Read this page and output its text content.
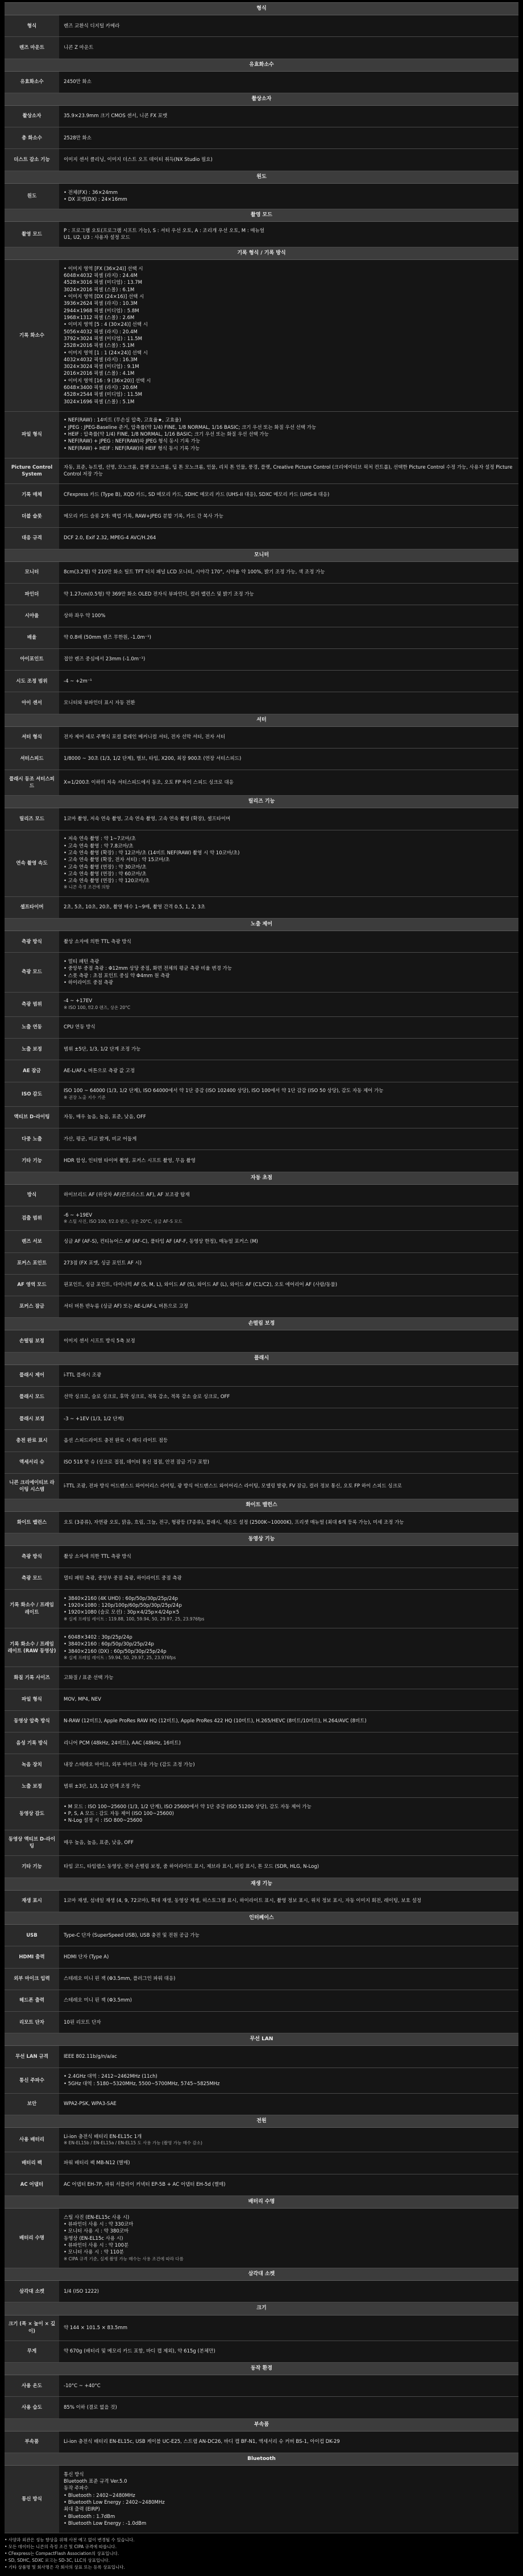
형식
형식	렌즈 교환식 디지털 카메라
렌즈 마운트	니콘 Z 마운트
유효화소수
유효화소수	2450만 화소
촬상소자
촬상소자	35.9×23.9mm 크기 CMOS 센서, 니콘 FX 포맷
총 화소수	2528만 화소
더스트 감소 기능	이미지 센서 클리닝, 이미지 더스트 오프 데이터 취득(NX Studio 필요)
원도
원도
• 전체(FX) : 36×24mm
• DX 포맷(DX) : 24×16mm
촬영 모드
촬영 모드
P : 프로그램 오토(프로그램 시프트 가능), S : 셔터 우선 오토, A : 조리개 우선 오토, M : 매뉴얼
U1, U2, U3 : 사용자 설정 모드
기록 형식 / 기록 방식
기록 화소수
• 이미지 영역 [FX (36×24)] 선택 시
6048×4032 픽셀 (라지) : 24.4M
4528×3016 픽셀 (미디엄) : 13.7M
3024×2016 픽셀 (스몰) : 6.1M
• 이미지 영역 [DX (24×16)] 선택 시
3936×2624 픽셀 (라지) : 10.3M
2944×1968 픽셀 (미디엄) : 5.8M
1968×1312 픽셀 (스몰) : 2.6M
• 이미지 영역 [5 : 4 (30×24)] 선택 시
5056×4032 픽셀 (라지) : 20.4M
3792×3024 픽셀 (미디엄) : 11.5M
2528×2016 픽셀 (스몰) : 5.1M
• 이미지 영역 [1 : 1 (24×24)] 선택 시
4032×4032 픽셀 (라지) : 16.3M
3024×3024 픽셀 (미디엄) : 9.1M
2016×2016 픽셀 (스몰) : 4.1M
• 이미지 영역 [16 : 9 (36×20)] 선택 시
6048×3400 픽셀 (라지) : 20.6M
4528×2544 픽셀 (미디엄) : 11.5M
3024×1696 픽셀 (스몰) : 5.1M
파일 형식
• NEF(RAW) : 14비트 (무손실 압축, 고효율★, 고효율)
• JPEG : JPEG-Baseline 준거, 압축률(약 1/4) FINE, 1/8 NORMAL, 1/16 BASIC; 크기 우선 또는 화질 우선 선택 가능
• HEIF : 압축률(약 1/4) FINE, 1/8 NORMAL, 1/16 BASIC; 크기 우선 또는 화질 우선 선택 가능
• NEF(RAW) + JPEG : NEF(RAW)와 JPEG 형식 동시 기록 가능
• NEF(RAW) + HEIF : NEF(RAW)와 HEIF 형식 동시 기록 가능
Picture Control System
자동, 표준, 뉴트럴, 선명, 모노크롬, 플랫 모노크롬, 딥 톤 모노크롬, 인물, 리치 톤 인물, 풍경, 플랫, Creative Picture Control (크리에이티브 픽처 컨트롤), 선택한 Picture Control 수정 가능, 사용자 설정 Picture Control 저장 가능
기록 매체	CFexpress 카드 (Type B), XQD 카드, SD 메모리 카드, SDHC 메모리 카드 (UHS-II 대응), SDXC 메모리 카드 (UHS-II 대응)
더블 슬롯	메모리 카드 슬롯 2개: 백업 기록, RAW+JPEG 분할 기록, 카드 간 복사 가능
대응 규격	DCF 2.0, Exif 2.32, MPEG-4 AVC/H.264
모니터
모니터	8cm(3.2형) 약 210만 화소 틸트 TFT 터치 패널 LCD 모니터, 시야각 170°, 시야율 약 100%, 밝기 조정 가능, 색 조정 가능
파인더	약 1.27cm(0.5형) 약 369만 화소 OLED 전자식 뷰파인더, 컬러 밸런스 및 밝기 조정 가능
시야율	상하 좌우 약 100%
배율	약 0.8배 (50mm 렌즈 무한원, -1.0m⁻¹)
아이포인트	접안 렌즈 중심에서 23mm (-1.0m⁻¹)
시도 조정 범위	-4 ~ +2m⁻¹
아이 센서	모니터와 뷰파인더 표시 자동 전환
셔터
셔터 형식	전자 제어 세로 주행식 포컬 플레인 메커니컬 셔터, 전자 선막 셔터, 전자 셔터
셔터스피드	1/8000 ~ 30초 (1/3, 1/2 단계), 벌브, 타임, X200, 최장 900초 (연장 셔터스피드)
플래시 동조 셔터스피드
X=1/200초 이하의 저속 셔터스피드에서 동조, 오토 FP 하이 스피드 싱크로 대응
릴리즈 기능
릴리즈 모드	1코마 촬영, 저속 연속 촬영, 고속 연속 촬영, 고속 연속 촬영 (확장), 셀프타이머
연속 촬영 속도
• 저속 연속 촬영 : 약 1~7코마/초
• 고속 연속 촬영 : 약 7.8코마/초
• 고속 연속 촬영 (확장) : 약 12코마/초 (14비트 NEF(RAW) 촬영 시 약 10코마/초)
• 고속 연속 촬영 (확장, 전자 셔터) : 약 15코마/초
• 고속 연속 촬영 (연장) : 약 30코마/초
• 고속 연속 촬영 (연장) : 약 60코마/초
• 고속 연속 촬영 (연장) : 약 120코마/초
※ 니콘 측정 조건에 의함
셀프타이머	2초, 5초, 10초, 20초, 촬영 매수 1~9매, 촬영 간격 0.5, 1, 2, 3초
노출 제어
측광 방식	촬상 소자에 의한 TTL 측광 방식
측광 모드
• 멀티 패턴 측광
• 중앙부 중점 측광 : Φ12mm 상당 중점, 화면 전체의 평균 측광 비율 변경 가능
• 스폿 측광 : 초점 포인트 중심 약 Φ4mm 원 측광
• 하이라이트 중점 측광
측광 범위
-4 ~ +17EV
※ ISO 100, f/2.0 렌즈, 상온 20°C
노출 연동	CPU 연동 방식
노출 보정	범위 ±5단, 1/3, 1/2 단계 조정 가능
AE 잠금	AE-L/AF-L 버튼으로 측광 값 고정
ISO 감도
ISO 100 ~ 64000 (1/3, 1/2 단계), ISO 64000에서 약 1단 증감 (ISO 102400 상당), ISO 100에서 약 1단 감감 (ISO 50 상당), 감도 자동 제어 가능
※ 권장 노출 지수 기준
액티브 D-라이팅	자동, 매우 높음, 높음, 표준, 낮음, OFF
다중 노출	가산, 평균, 비교 밝게, 비교 어둡게
기타 기능	HDR 합성, 인터벌 타이머 촬영, 포커스 시프트 촬영, 무음 촬영
자동 초점
방식	하이브리드 AF (위상차 AF/콘트라스트 AF), AF 보조광 탑재
검출 범위
-6 ~ +19EV
※ 스틸 사진, ISO 100, f/2.0 렌즈, 상온 20°C, 싱글 AF-S 모드
렌즈 서보	싱글 AF (AF-S), 컨티뉴어스 AF (AF-C), 풀타임 AF (AF-F, 동영상 한정), 매뉴얼 포커스 (M)
포커스 포인트	273점 (FX 포맷, 싱글 포인트 AF 시)
AF 영역 모드	핀포인트, 싱글 포인트, 다이나믹 AF (S, M, L), 와이드 AF (S), 와이드 AF (L), 와이드 AF (C1/C2), 오토 에어리어 AF (사람/동물)
포커스 잠금	셔터 버튼 반누름 (싱글 AF) 또는 AE-L/AF-L 버튼으로 고정
손떨림 보정
손떨림 보정	이미지 센서 시프트 방식 5축 보정
플래시
플래시 제어	i-TTL 플래시 조광
플래시 모드	선막 싱크로, 슬로 싱크로, 후막 싱크로, 적목 감소, 적목 감소 슬로 싱크로, OFF
플래시 보정	-3 ~ +1EV (1/3, 1/2 단계)
충전 완료 표시	옵션 스피드라이트 충전 완료 시 레디 라이트 점등
액세서리 슈	ISO 518 핫 슈 (싱크로 접점, 데이터 통신 접점, 안전 잠금 기구 포함)
니콘 크리에이티브 라이팅 시스템
i-TTL 조광, 전파 방식 어드밴스드 와이어리스 라이팅, 광 방식 어드밴스드 와이어리스 라이팅, 모델링 발광, FV 잠금, 컬러 정보 통신, 오토 FP 하이 스피드 싱크로
화이트 밸런스
화이트 밸런스	오토 (3종류), 자연광 오토, 맑음, 흐림, 그늘, 전구, 형광등 (7종류), 플래시, 색온도 설정 (2500K~10000K), 프리셋 매뉴얼 (최대 6개 등록 가능), 미세 조정 가능
동영상 기능
측광 방식	촬상 소자에 의한 TTL 측광 방식
측광 모드	멀티 패턴 측광, 중앙부 중점 측광, 하이라이트 중점 측광
기록 화소수 / 프레임 레이트
• 3840×2160 (4K UHD) : 60p/50p/30p/25p/24p
• 1920×1080 : 120p/100p/60p/50p/30p/25p/24p
• 1920×1080 (슬로 모션) : 30p×4/25p×4/24p×5
※ 실제 프레임 레이트 : 119.88, 100, 59.94, 50, 29.97, 25, 23.976fps
기록 화소수 / 프레임 레이트 (RAW 동영상)
• 6048×3402 : 30p/25p/24p
• 3840×2160 : 60p/50p/30p/25p/24p
• 3840×2160 (DX) : 60p/50p/30p/25p/24p
※ 실제 프레임 레이트 : 59.94, 50, 29.97, 25, 23.976fps
화질 기록 사이즈	고화질 / 표준 선택 가능
파일 형식	MOV, MP4, NEV
동영상 압축 방식	N-RAW (12비트), Apple ProRes RAW HQ (12비트), Apple ProRes 422 HQ (10비트), H.265/HEVC (8비트/10비트), H.264/AVC (8비트)
음성 기록 방식	리니어 PCM (48kHz, 24비트), AAC (48kHz, 16비트)
녹음 장치	내장 스테레오 마이크, 외부 마이크 사용 가능 (감도 조정 가능)
노출 보정	범위 ±3단, 1/3, 1/2 단계 조정 가능
동영상 감도
• M 모드 : ISO 100~25600 (1/3, 1/2 단계), ISO 25600에서 약 1단 증감 (ISO 51200 상당), 감도 자동 제어 가능
• P, S, A 모드 : 감도 자동 제어 (ISO 100~25600)
• N-Log 설정 시 : ISO 800~25600
동영상 액티브 D-라이팅
매우 높음, 높음, 표준, 낮음, OFF
기타 기능	타임 코드, 타임랩스 동영상, 전자 손떨림 보정, 줌 하이라이트 표시, 제브라 표시, 피킹 표시, 톤 모드 (SDR, HLG, N-Log)
재생 기능
재생 표시	1코마 재생, 섬네일 재생 (4, 9, 72코마), 확대 재생, 동영상 재생, 히스토그램 표시, 하이라이트 표시, 촬영 정보 표시, 위치 정보 표시, 자동 이미지 회전, 레이팅, 보호 설정
인터페이스
USB	Type-C 단자 (SuperSpeed USB), USB 충전 및 전원 공급 가능
HDMI 출력	HDMI 단자 (Type A)
외부 마이크 입력	스테레오 미니 핀 잭 (Φ3.5mm, 플러그인 파워 대응)
헤드폰 출력	스테레오 미니 핀 잭 (Φ3.5mm)
리모트 단자	10핀 리모트 단자
무선 LAN
무선 LAN 규격	IEEE 802.11b/g/n/a/ac
통신 주파수
• 2.4GHz 대역 : 2412~2462MHz (11ch)
• 5GHz 대역 : 5180~5320MHz, 5500~5700MHz, 5745~5825MHz
보안	WPA2-PSK, WPA3-SAE
전원
사용 배터리
Li-ion 충전식 배터리 EN-EL15c 1개
※ EN-EL15b / EN-EL15a / EN-EL15 도 사용 가능 (촬영 가능 매수 감소)
배터리 팩	파워 배터리 팩 MB-N12 (별매)
AC 어댑터	AC 어댑터 EH-7P, 파워 서플라이 커넥터 EP-5B + AC 어댑터 EH-5d (별매)
배터리 수명
배터리 수명
스틸 사진 (EN-EL15c 사용 시)
• 뷰파인더 사용 시 : 약 330코마
• 모니터 사용 시 : 약 380코마
동영상 (EN-EL15c 사용 시)
• 뷰파인더 사용 시 : 약 100분
• 모니터 사용 시 : 약 110분
※ CIPA 규격 기준, 실제 촬영 가능 매수는 사용 조건에 따라 다름
삼각대 소켓
삼각대 소켓	1/4 (ISO 1222)
크기
크기 (폭 × 높이 × 깊이)
약 144 × 101.5 × 83.5mm
무게	약 670g (배터리 및 메모리 카드 포함, 바디 캡 제외), 약 615g (본체만)
동작 환경
사용 온도	-10°C ~ +40°C
사용 습도	85% 이하 (결로 없을 것)
부속품
부속품	Li-ion 충전식 배터리 EN-EL15c, USB 케이블 UC-E25, 스트랩 AN-DC26, 바디 캡 BF-N1, 액세서리 슈 커버 BS-1, 아이컵 DK-29
Bluetooth
통신 방식
통신 방식
Bluetooth 표준 규격 Ver.5.0
동작 주파수
• Bluetooth : 2402~2480MHz
• Bluetooth Low Energy : 2402~2480MHz
최대 출력 (EIRP)
• Bluetooth : 1.7dBm
• Bluetooth Low Energy : -1.0dBm
• 사양과 외관은 성능 향상을 위해 사전 예고 없이 변경될 수 있습니다.
• 모든 데이터는 니콘의 측정 조건 및 CIPA 규격에 따릅니다.
• CFexpress는 CompactFlash Association의 상표입니다.
• SD, SDHC, SDXC 로고는 SD-3C, LLC의 상표입니다.
• 기타 상품명 및 회사명은 각 회사의 상표 또는 등록 상표입니다.
